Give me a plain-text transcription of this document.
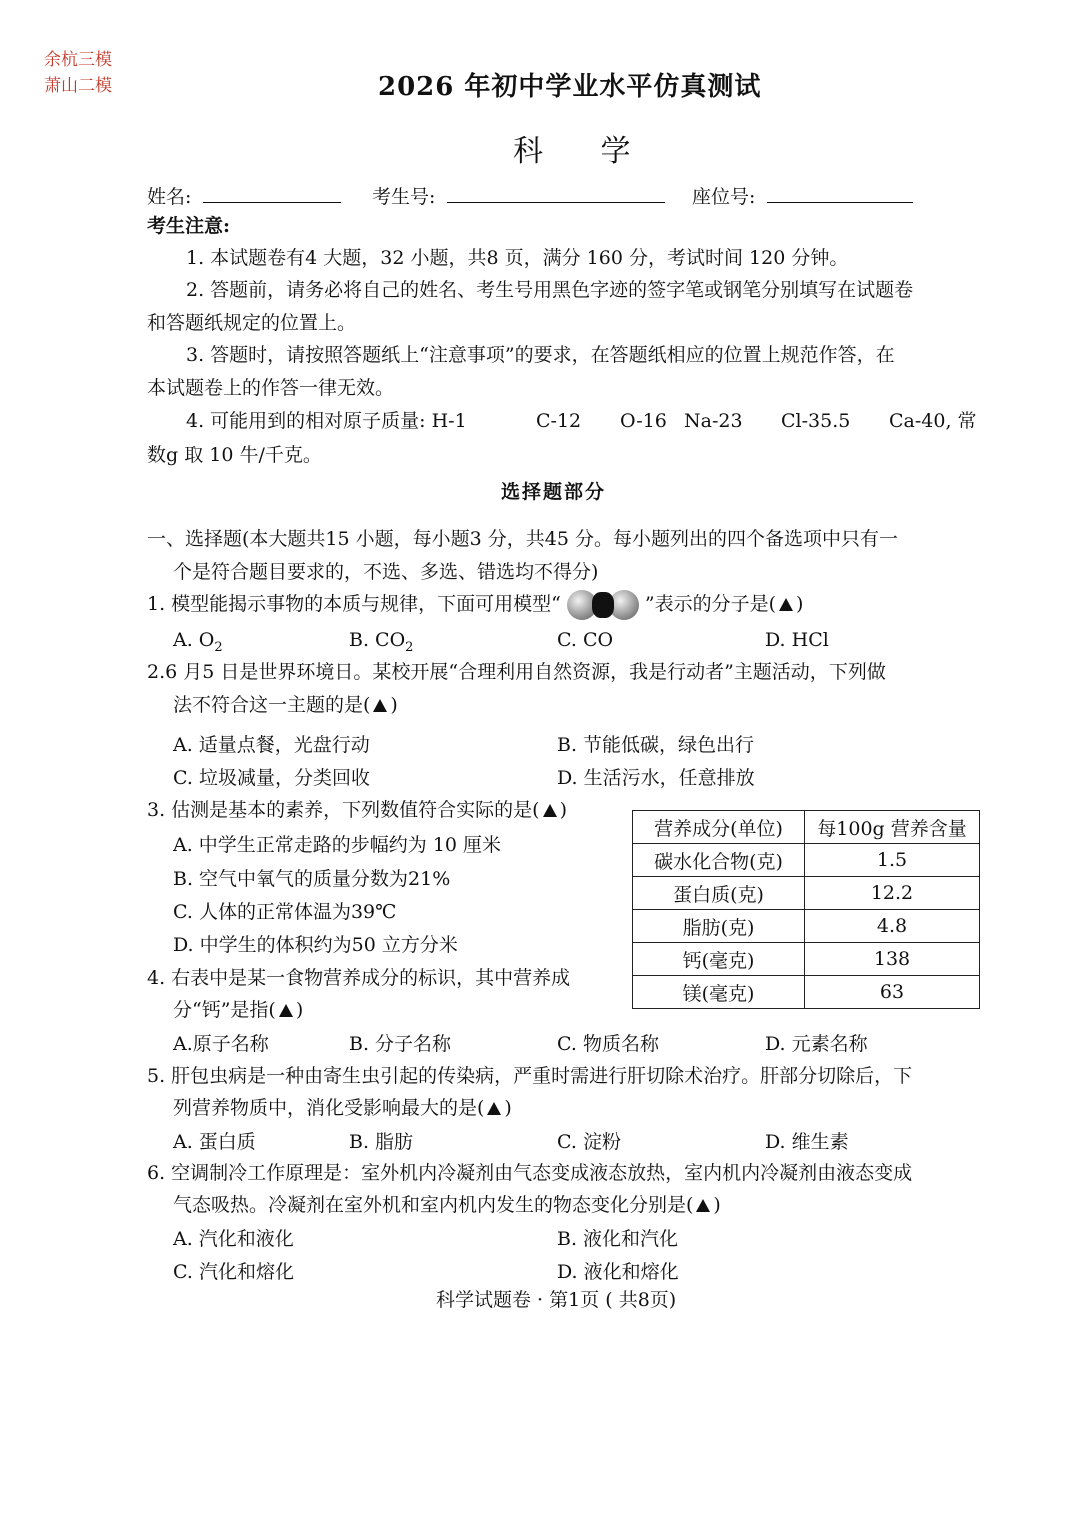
余杭三模
萧山二模	2026 年初中学业水平仿真测试
科 学
姓名:	考生号:	座位号:
考生注意:
1. 本试题卷有4 大题，32 小题，共8 页，满分 160 分，考试时间 120 分钟。
2. 答题前，请务必将自己的姓名、考生号用黑色字迹的签字笔或钢笔分别填写在试题卷
和答题纸规定的位置上。
3. 答题时，请按照答题纸上“注意事项”的要求，在答题纸相应的位置上规范作答，在
本试题卷上的作答一律无效。
4. 可能用到的相对原子质量: H-1	C-12 O-16 Na-23 Cl-35.5 Ca-40, 常
数g 取 10 牛/千克。
选择题部分
一、选择题(本大题共15 小题，每小题3 分，共45 分。每小题列出的四个备选项中只有一
个是符合题目要求的，不选、多选、错选均不得分)
1. 模型能揭示事物的本质与规律，下面可用模型“	”表示的分子是( )
A. $O_2$	B. $CO_2$	C. CO	D. HCl
2.6 月5 日是世界环境日。某校开展“合理利用自然资源，我是行动者”主题活动，下列做
法不符合这一主题的是( )
A. 适量点餐，光盘行动	B. 节能低碳，绿色出行
C. 垃圾减量，分类回收	D. 生活污水，任意排放
3. 估测是基本的素养，下列数值符合实际的是( )
A. 中学生正常走路的步幅约为 10 厘米
B. 空气中氧气的质量分数为21%
C. 人体的正常体温为39℃
D. 中学生的体积约为50 立方分米
营养成分(单位)	每100g 营养含量
碳水化合物(克)	1.5
蛋白质(克)	12.2
脂肪(克)	4.8
钙(毫克)	138
镁(毫克)	63
4. 右表中是某一食物营养成分的标识，其中营养成
分“钙”是指( )
A.原子名称	B. 分子名称	C. 物质名称	D. 元素名称
5. 肝包虫病是一种由寄生虫引起的传染病，严重时需进行肝切除术治疗。肝部分切除后，下
列营养物质中，消化受影响最大的是( )
A. 蛋白质	B. 脂肪	C. 淀粉	D. 维生素
6. 空调制冷工作原理是：室外机内冷凝剂由气态变成液态放热，室内机内冷凝剂由液态变成
气态吸热。冷凝剂在室外机和室内机内发生的物态变化分别是( )
A. 汽化和液化	B. 液化和汽化
C. 汽化和熔化	D. 液化和熔化
科学试题卷 · 第1页 ( 共8页)
